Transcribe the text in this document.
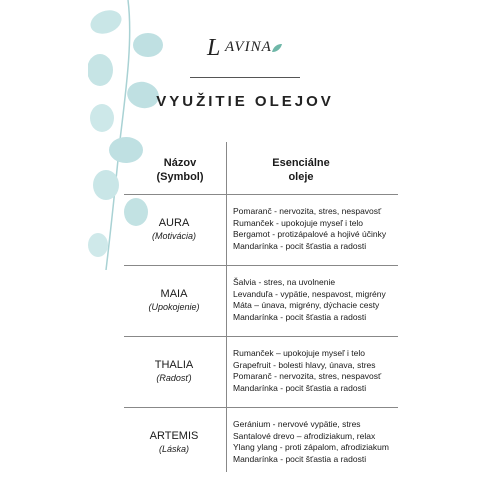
L AVINA
VYUŽITIE OLEJOV
Názov
(Symbol)
Esenciálne
oleje
AURA
(Motivácia)
Pomaranč - nervozita, stres, nespavosť
Rumanček - upokojuje myseľ i telo
Bergamot - protizápalové a hojivé účinky
Mandarínka - pocit šťastia a radosti
MAIA
(Upokojenie)
Šalvia - stres, na uvolnenie
Levanduľa - vypätie, nespavost, migrény
Máta – únava, migrény, dýchacie cesty
Mandarínka - pocit šťastia a radosti
THALIA
(Radosť)
Rumanček – upokojuje myseľ i telo
Grapefruit - bolesti hlavy, únava, stres
Pomaranč - nervozita, stres, nespavosť
Mandarínka - pocit šťastia a radosti
ARTEMIS
(Láska)
Geránium - nervové vypätie, stres
Santalové drevo – afrodiziakum, relax
Ylang ylang - proti zápalom, afrodiziakum
Mandarínka - pocit šťastia a radosti
